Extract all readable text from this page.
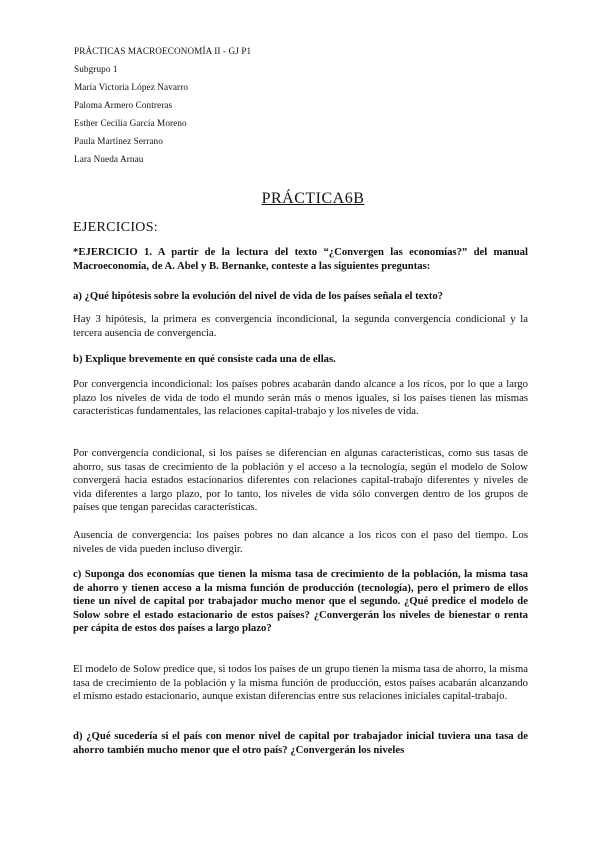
PRÁCTICAS MACROECONOMÍA II - GJ P1
Subgrupo 1
María Victoria López Navarro
Paloma Armero Contreras
Esther Cecilia García Moreno
Paula Martínez Serrano
Lara Nueda Arnau
PRÁCTICA6B
EJERCICIOS:
*EJERCICIO 1. A partir de la lectura del texto “¿Convergen las economías?” del manual Macroeconomía, de A. Abel y B. Bernanke, conteste a las siguientes preguntas:
a) ¿Qué hipótesis sobre la evolución del nivel de vida de los países señala el texto?
Hay 3 hipótesis, la primera es convergencia incondicional, la segunda convergencia condicional y la tercera ausencia de convergencia.
b) Explique brevemente en qué consiste cada una de ellas.
Por convergencia incondicional: los países pobres acabarán dando alcance a los ricos, por lo que a largo plazo los niveles de vida de todo el mundo serán más o menos iguales, si los países tienen las mismas características fundamentales, las relaciones capital-trabajo y los niveles de vida.
Por convergencia condicional, si los países se diferencian en algunas características, como sus tasas de ahorro, sus tasas de crecimiento de la población y el acceso a la tecnología, según el modelo de Solow convergerá hacia estados estacionarios diferentes con relaciones capital-trabajo diferentes y niveles de vida diferentes a largo plazo, por lo tanto, los niveles de vida sólo convergen dentro de los grupos de países que tengan parecidas características.
Ausencia de convergencia: los países pobres no dan alcance a los ricos con el paso del tiempo. Los niveles de vida pueden incluso divergir.
c) Suponga dos economías que tienen la misma tasa de crecimiento de la población, la misma tasa de ahorro y tienen acceso a la misma función de producción (tecnología), pero el primero de ellos tiene un nivel de capital por trabajador mucho menor que el segundo. ¿Qué predice el modelo de Solow sobre el estado estacionario de estos países? ¿Convergerán los niveles de bienestar o renta per cápita de estos dos países a largo plazo?
El modelo de Solow predice que, si todos los países de un grupo tienen la misma tasa de ahorro, la misma tasa de crecimiento de la población y la misma función de producción, estos países acabarán alcanzando el mismo estado estacionario, aunque existan diferencias entre sus relaciones iniciales capital-trabajo.
d) ¿Qué sucedería si el país con menor nivel de capital por trabajador inicial tuviera una tasa de ahorro también mucho menor que el otro país? ¿Convergerán los niveles
